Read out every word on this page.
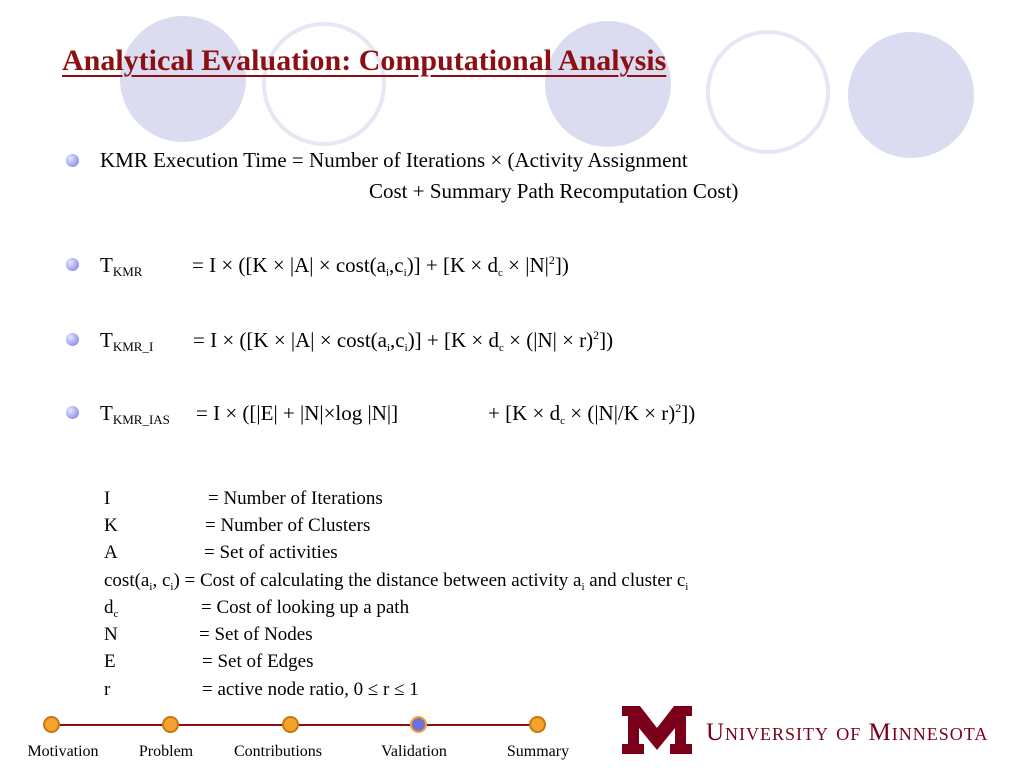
Analytical Evaluation: Computational Analysis
KMR Execution Time = Number of Iterations × (Activity Assignment
Cost + Summary Path Recomputation Cost)
$T_{KMR} = I \times ([K \times |A| \times \cos t(a_i,c_i)] + [K \times d_c \times |N|^2])$
$T_{KMR\_I} = I \times ([K \times |A| \times \cos t(a_i,c_i)] + [K \times d_c \times (|N| \times r)^2])$
$T_{KMR\_IAS} = I \times ([|E| + |N|\times\log$ |N|]	+ $[K \times d_c \times (|N|/K \times r)^2]$)
I	= Number of Iterations
K	= Number of Clusters
A	= Set of activities
$\cos t(a_i$, $c_i$) = Cost of calculating the distance between activity $a_i$ and cluster $c_i$
$d_c$	= Cost of looking up a path
N	= Set of Nodes
E	= Set of Edges
r	= active node ratio, 0 ≤ r ≤ 1
Motivation	Problem	Contributions	Validation	Summary
University of Minnesota
